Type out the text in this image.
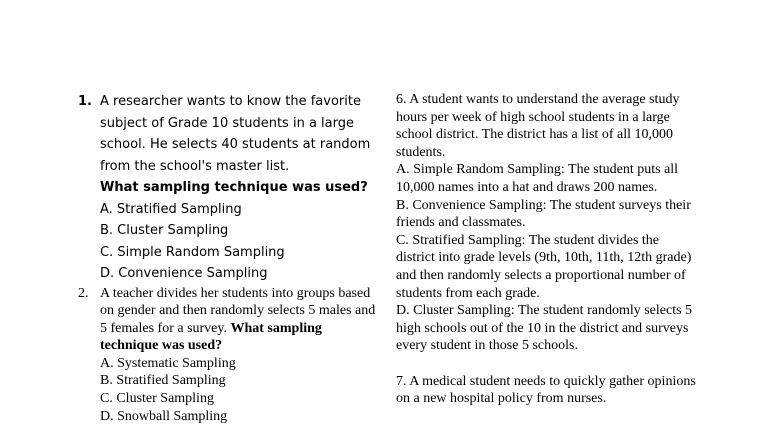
1. A researcher wants to know the favorite subject of Grade 10 students in a large school. He selects 40 students at random from the school's master list.
What sampling technique was used?
A. Stratified Sampling
B. Cluster Sampling
C. Simple Random Sampling
D. Convenience Sampling
2. A teacher divides her students into groups based on gender and then randomly selects 5 males and 5 females for a survey. What sampling technique was used?
A. Systematic Sampling
B. Stratified Sampling
C. Cluster Sampling
D. Snowball Sampling

6. A student wants to understand the average study hours per week of high school students in a large school district. The district has a list of all 10,000 students.

A. Simple Random Sampling: The student puts all 10,000 names into a hat and draws 200 names.

B. Convenience Sampling: The student surveys their friends and classmates.

C. Stratified Sampling: The student divides the district into grade levels (9th, 10th, 11th, 12th grade) and then randomly selects a proportional number of students from each grade.

D. Cluster Sampling: The student randomly selects 5 high schools out of the 10 in the district and surveys every student in those 5 schools.

7. A medical student needs to quickly gather opinions on a new hospital policy from nurses.
